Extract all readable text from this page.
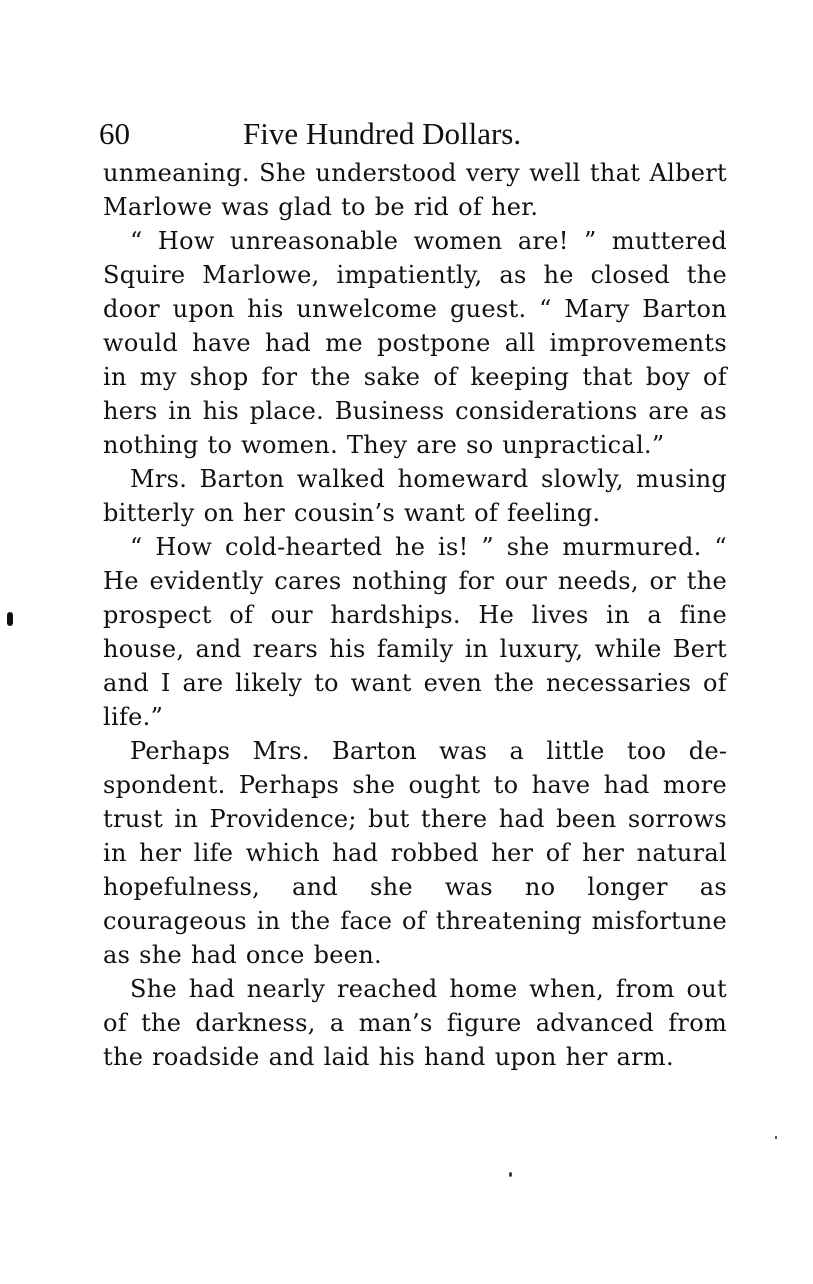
60	Five Hundred Dollars.

unmeaning. She understood very well that Albert Marlowe was glad to be rid of her.

“ How unreasonable women are! ” muttered Squire Marlowe, impatiently, as he closed the door upon his unwelcome guest. “ Mary Barton would have had me postpone all improvements in my shop for the sake of keeping that boy of hers in his place. Business considerations are as nothing to women. They are so unpractical.”

Mrs. Barton walked homeward slowly, musing bitterly on her cousin’s want of feeling.

“ How cold-hearted he is! ” she murmured. “ He evidently cares nothing for our needs, or the prospect of our hardships. He lives in a fine house, and rears his family in luxury, while Bert and I are likely to want even the necessaries of life.”

Perhaps Mrs. Barton was a little too despondent. Perhaps she ought to have had more trust in Providence; but there had been sorrows in her life which had robbed her of her natural hopefulness, and she was no longer as courageous in the face of threatening misfortune as she had once been.

She had nearly reached home when, from out of the darkness, a man’s figure advanced from the roadside and laid his hand upon her arm.
